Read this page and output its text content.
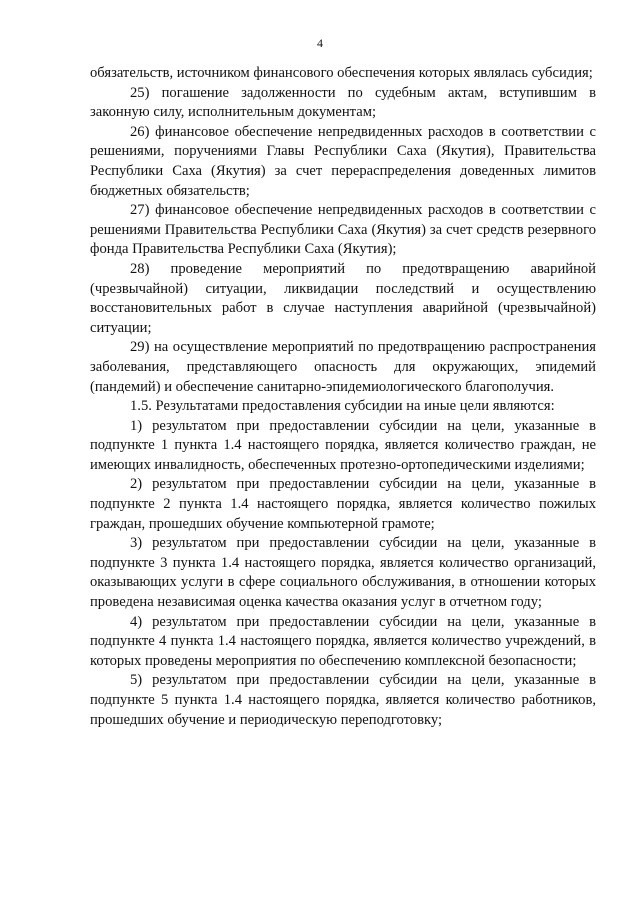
4

обязательств, источником финансового обеспечения которых являлась субсидия;

25) погашение задолженности по судебным актам, вступившим в законную силу, исполнительным документам;

26) финансовое обеспечение непредвиденных расходов в соответствии с решениями, поручениями Главы Республики Саха (Якутия), Правительства Республики Саха (Якутия) за счет перераспределения доведенных лимитов бюджетных обязательств;

27) финансовое обеспечение непредвиденных расходов в соответствии с решениями Правительства Республики Саха (Якутия) за счет средств резервного фонда Правительства Республики Саха (Якутия);

28) проведение мероприятий по предотвращению аварийной (чрезвычайной) ситуации, ликвидации последствий и осуществлению восстановительных работ в случае наступления аварийной (чрезвычайной) ситуации;

29) на осуществление мероприятий по предотвращению распространения заболевания, представляющего опасность для окружающих, эпидемий (пандемий) и обеспечение санитарно-эпидемиологического благополучия.

1.5. Результатами предоставления субсидии на иные цели являются:

1) результатом при предоставлении субсидии на цели, указанные в подпункте 1 пункта 1.4 настоящего порядка, является количество граждан, не имеющих инвалидность, обеспеченных протезно-ортопедическими изделиями;

2) результатом при предоставлении субсидии на цели, указанные в подпункте 2 пункта 1.4 настоящего порядка, является количество пожилых граждан, прошедших обучение компьютерной грамоте;

3) результатом при предоставлении субсидии на цели, указанные в подпункте 3 пункта 1.4 настоящего порядка, является количество организаций, оказывающих услуги в сфере социального обслуживания, в отношении которых проведена независимая оценка качества оказания услуг в отчетном году;

4) результатом при предоставлении субсидии на цели, указанные в подпункте 4 пункта 1.4 настоящего порядка, является количество учреждений, в которых проведены мероприятия по обеспечению комплексной безопасности;

5) результатом при предоставлении субсидии на цели, указанные в подпункте 5 пункта 1.4 настоящего порядка, является количество работников, прошедших обучение и периодическую переподготовку;
